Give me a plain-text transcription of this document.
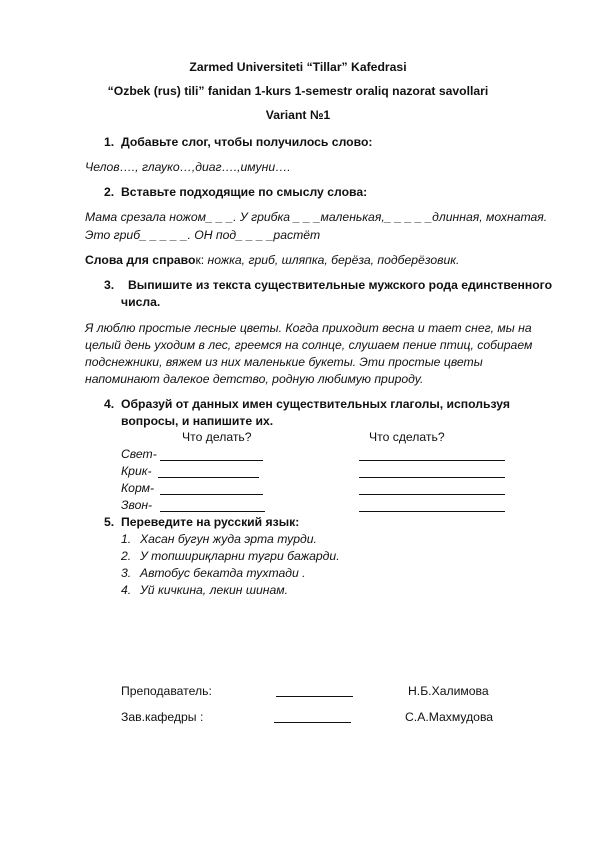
Zarmed Universiteti “Tillar” Kafedrasi
“Ozbek (rus) tili” fanidan 1-kurs 1-semestr oraliq nazorat savollari
Variant №1
1. Добавьте слог, чтобы получилось слово:
Челов…., глауко…,диаг….,имуни….
2. Вставьте подходящие по смыслу слова:
Мама срезала ножом_ _ _. У грибка _ _ _маленькая,_ _ _ _ _длинная, мохнатая.
Это гриб_ _ _ _ _. ОН под_ _ _ _растёт
Слова для справок: ножка, гриб, шляпка, берёза, подберёзовик.
3. Выпишите из текста существительные мужского рода единственного
числа.
Я люблю простые лесные цветы. Когда приходит весна и тает снег, мы на
целый день уходим в лес, греемся на солнце, слушаем пение птиц, собираем
подснежники, вяжем из них маленькие букеты. Эти простые цветы
напоминают далекое детство, родную любимую природу.
4. Образуй от данных имен существительных глаголы, используя
вопросы, и напишите их.
Что делать?	Что сделать?
Свет-
Крик-
Корм-
Звон-
5. Переведите на русский язык:
1. Хасан бугун жуда эрта турди.
2. У топшириқларни тугри бажарди.
3. Автобус бекатда тухтади .
4. Уй кичкина, лекин шинам.
Преподаватель:	Н.Б.Халимова
Зав.кафедры :	С.А.Махмудова
